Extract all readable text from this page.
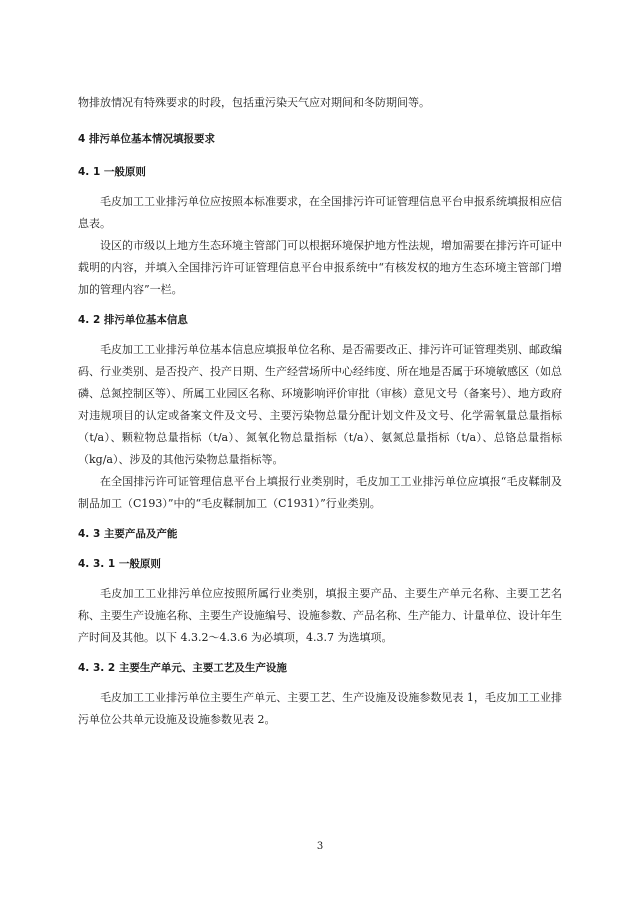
物排放情况有特殊要求的时段，包括重污染天气应对期间和冬防期间等。

4 排污单位基本情况填报要求
4. 1 一般原则

毛皮加工工业排污单位应按照本标准要求，在全国排污许可证管理信息平台申报系统填报相应信息表。

设区的市级以上地方生态环境主管部门可以根据环境保护地方性法规，增加需要在排污许可证中载明的内容，并填入全国排污许可证管理信息平台申报系统中“有核发权的地方生态环境主管部门增加的管理内容”一栏。

4. 2 排污单位基本信息

毛皮加工工业排污单位基本信息应填报单位名称、是否需要改正、排污许可证管理类别、邮政编码、行业类别、是否投产、投产日期、生产经营场所中心经纬度、所在地是否属于环境敏感区（如总磷、总氮控制区等）、所属工业园区名称、环境影响评价审批（审核）意见文号（备案号）、地方政府对违规项目的认定或备案文件及文号、主要污染物总量分配计划文件及文号、化学需氧量总量指标（t/a）、颗粒物总量指标（t/a）、氮氧化物总量指标（t/a）、氨氮总量指标（t/a）、总铬总量指标（kg/a）、涉及的其他污染物总量指标等。

在全国排污许可证管理信息平台上填报行业类别时，毛皮加工工业排污单位应填报“毛皮鞣制及制品加工（C193）”中的“毛皮鞣制加工（C1931）”行业类别。

4. 3 主要产品及产能
4. 3. 1 一般原则

毛皮加工工业排污单位应按照所属行业类别，填报主要产品、主要生产单元名称、主要工艺名称、主要生产设施名称、主要生产设施编号、设施参数、产品名称、生产能力、计量单位、设计年生产时间及其他。以下 4.3.2～4.3.6 为必填项，4.3.7 为选填项。

4. 3. 2 主要生产单元、主要工艺及生产设施

毛皮加工工业排污单位主要生产单元、主要工艺、生产设施及设施参数见表 1，毛皮加工工业排污单位公共单元设施及设施参数见表 2。

3
